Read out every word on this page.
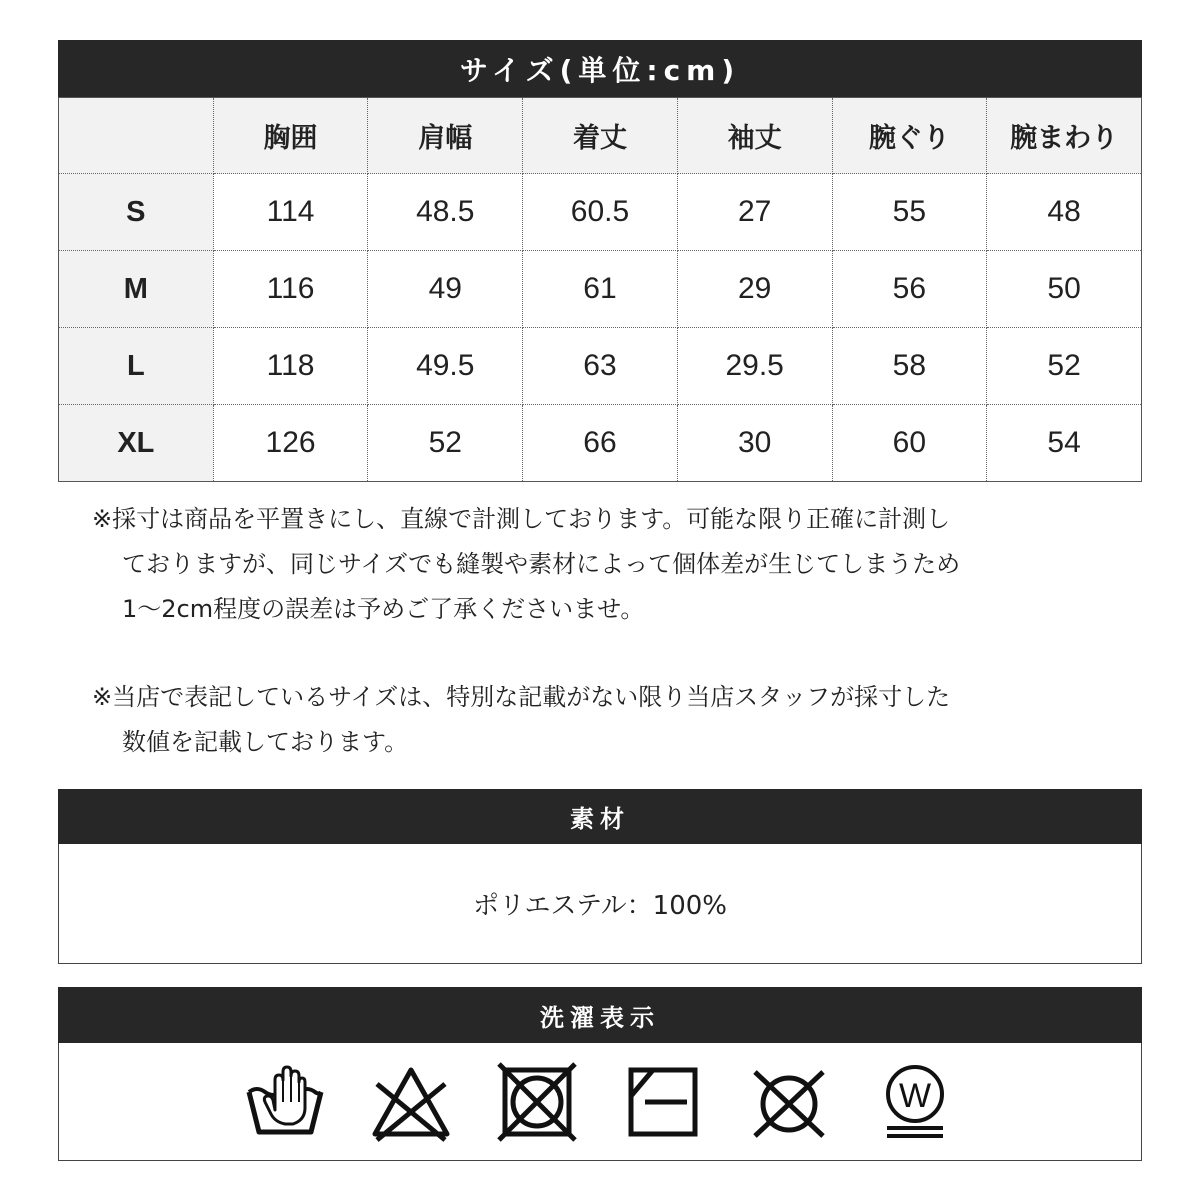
サイズ(単位:cm)
	胸囲	肩幅	着丈	袖丈	腕ぐり	腕まわり
S	114	48.5	60.5	27	55	48
M	116	49	61	29	56	50
L	118	49.5	63	29.5	58	52
XL	126	52	66	30	60	54
※採寸は商品を平置きにし、直線で計測しております。可能な限り正確に計測し
ておりますが、同じサイズでも縫製や素材によって個体差が生じてしまうため
1～2cm程度の誤差は予めご了承くださいませ。
※当店で表記しているサイズは、特別な記載がない限り当店スタッフが採寸した
数値を記載しております。
素材
ポリエステル：100%
洗濯表示
W
